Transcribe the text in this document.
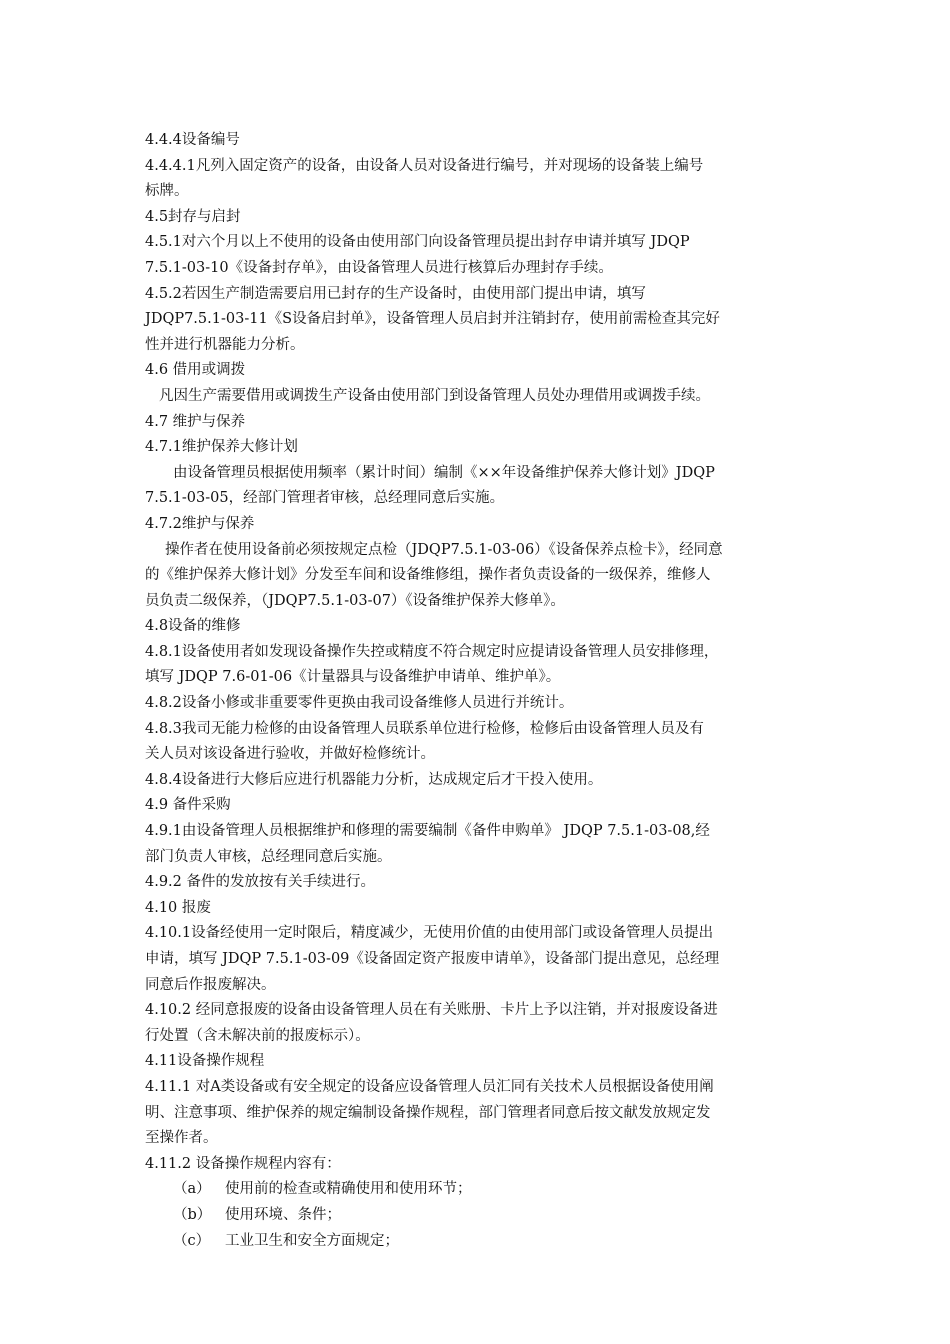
4.4.4设备编号
4.4.4.1凡列入固定资产的设备，由设备人员对设备进行编号，并对现场的设备装上编号
标牌。
4.5封存与启封
4.5.1对六个月以上不使用的设备由使用部门向设备管理员提出封存申请并填写 JDQP
7.5.1-03-10《设备封存单》，由设备管理人员进行核算后办理封存手续。
4.5.2若因生产制造需要启用已封存的生产设备时，由使用部门提出申请，填写
JDQP7.5.1-03-11《S设备启封单》，设备管理人员启封并注销封存，使用前需检查其完好
性并进行机器能力分析。
4.6 借用或调拨
凡因生产需要借用或调拨生产设备由使用部门到设备管理人员处办理借用或调拨手续。
4.7 维护与保养
4.7.1维护保养大修计划
由设备管理员根据使用频率（累计时间）编制《××年设备维护保养大修计划》JDQP
7.5.1-03-05，经部门管理者审核，总经理同意后实施。
4.7.2维护与保养
操作者在使用设备前必须按规定点检（JDQP7.5.1-03-06）《设备保养点检卡》，经同意
的《维护保养大修计划》分发至车间和设备维修组，操作者负责设备的一级保养，维修人
员负责二级保养，（JDQP7.5.1-03-07）《设备维护保养大修单》。
4.8设备的维修
4.8.1设备使用者如发现设备操作失控或精度不符合规定时应提请设备管理人员安排修理，
填写 JDQP 7.6-01-06《计量器具与设备维护申请单、维护单》。
4.8.2设备小修或非重要零件更换由我司设备维修人员进行并统计。
4.8.3我司无能力检修的由设备管理人员联系单位进行检修，检修后由设备管理人员及有
关人员对该设备进行验收，并做好检修统计。
4.8.4设备进行大修后应进行机器能力分析，达成规定后才干投入使用。
4.9 备件采购
4.9.1由设备管理人员根据维护和修理的需要编制《备件申购单》 JDQP 7.5.1-03-08,经
部门负责人审核，总经理同意后实施。
4.9.2 备件的发放按有关手续进行。
4.10 报废
4.10.1设备经使用一定时限后，精度减少，无使用价值的由使用部门或设备管理人员提出
申请，填写 JDQP 7.5.1-03-09《设备固定资产报废申请单》，设备部门提出意见，总经理
同意后作报废解决。
4.10.2 经同意报废的设备由设备管理人员在有关账册、卡片上予以注销，并对报废设备进
行处置（含未解决前的报废标示）。
4.11设备操作规程
4.11.1 对A类设备或有安全规定的设备应设备管理人员汇同有关技术人员根据设备使用阐
明、注意事项、维护保养的规定编制设备操作规程，部门管理者同意后按文献发放规定发
至操作者。
4.11.2 设备操作规程内容有：
（a） 使用前的检查或精确使用和使用环节；
（b） 使用环境、条件；
（c） 工业卫生和安全方面规定；
